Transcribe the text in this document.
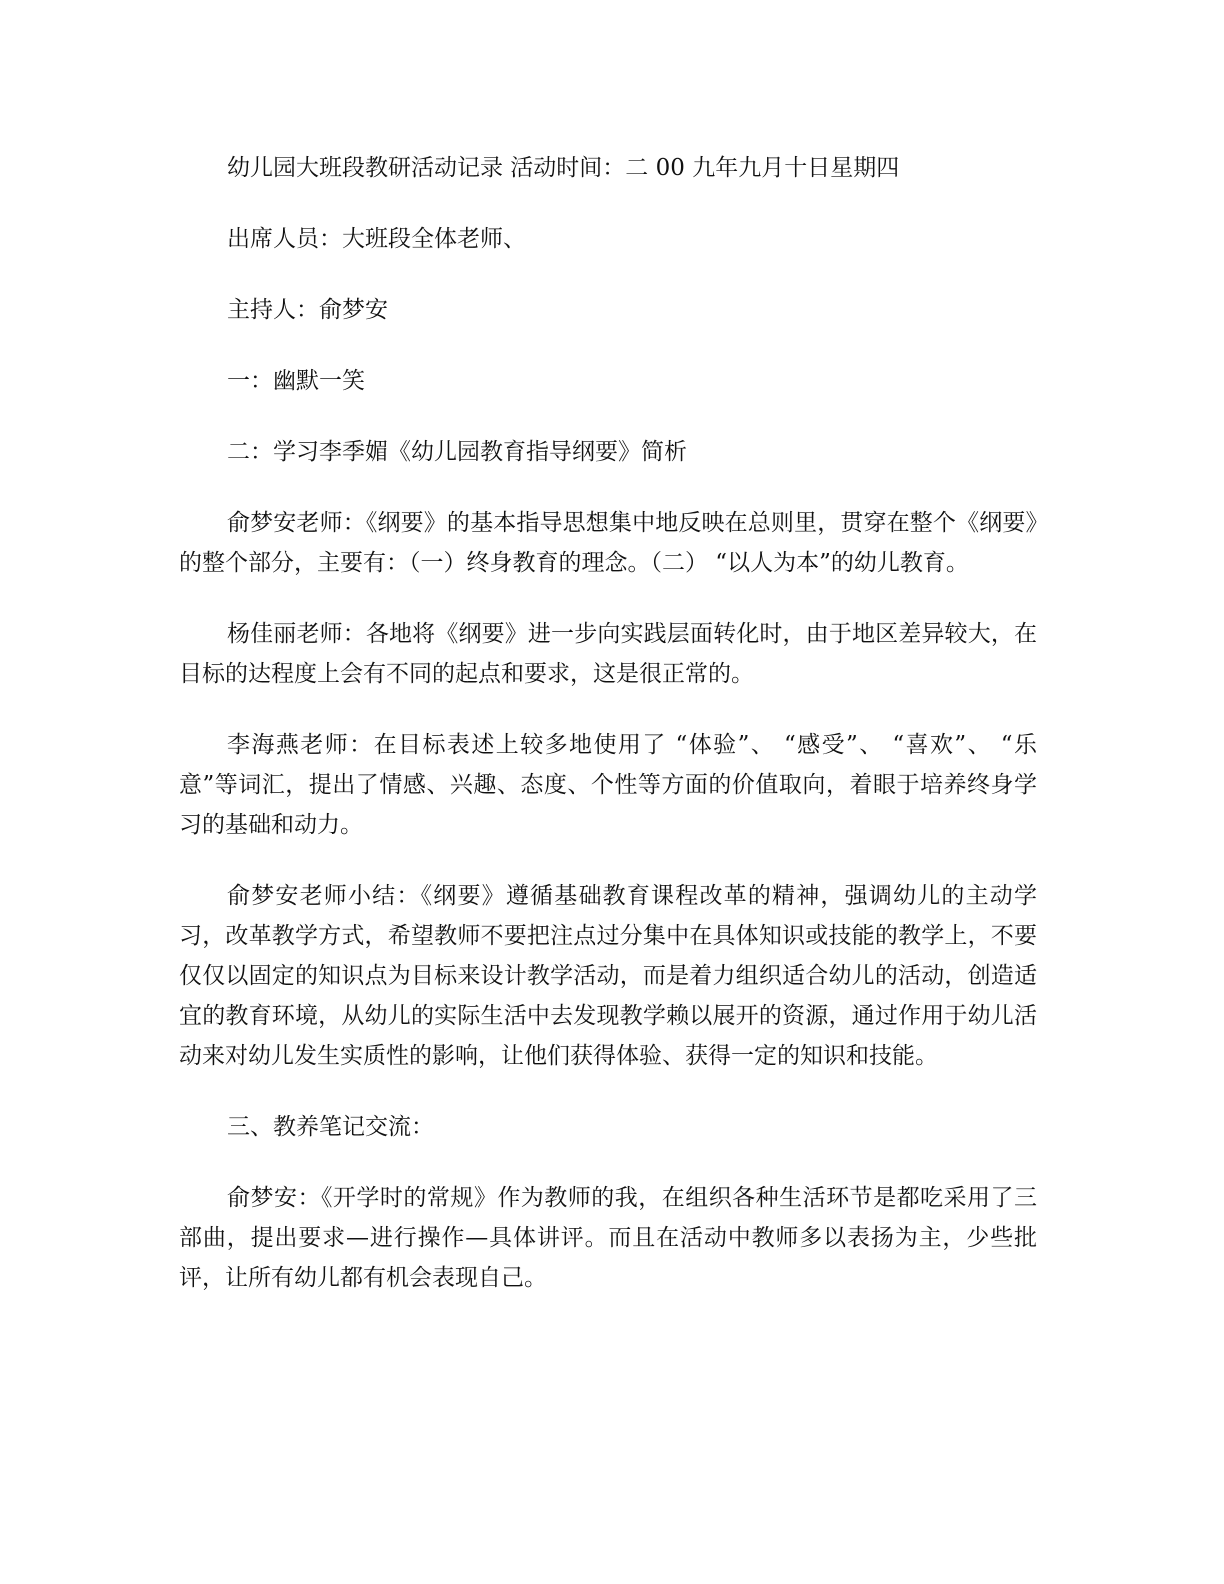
幼儿园大班段教研活动记录 活动时间：二 00 九年九月十日星期四

出席人员：大班段全体老师、

主持人：俞梦安

一：幽默一笑

二：学习李季媚《幼儿园教育指导纲要》简析

俞梦安老师：《纲要》的基本指导思想集中地反映在总则里，贯穿在整个《纲要》的整个部分，主要有：（一）终身教育的理念。（二） “以人为本”的幼儿教育。

杨佳丽老师：各地将《纲要》进一步向实践层面转化时，由于地区差异较大，在目标的达程度上会有不同的起点和要求，这是很正常的。

李海燕老师：在目标表述上较多地使用了 “体验”、 “感受”、 “喜欢”、 “乐意”等词汇，提出了情感、兴趣、态度、个性等方面的价值取向，着眼于培养终身学习的基础和动力。

俞梦安老师小结：《纲要》遵循基础教育课程改革的精神，强调幼儿的主动学习，改革教学方式，希望教师不要把注点过分集中在具体知识或技能的教学上，不要仅仅以固定的知识点为目标来设计教学活动，而是着力组织适合幼儿的活动，创造适宜的教育环境，从幼儿的实际生活中去发现教学赖以展开的资源，通过作用于幼儿活动来对幼儿发生实质性的影响，让他们获得体验、获得一定的知识和技能。

三、教养笔记交流：

俞梦安：《开学时的常规》作为教师的我，在组织各种生活环节是都吃采用了三部曲，提出要求—进行操作—具体讲评。而且在活动中教师多以表扬为主，少些批评，让所有幼儿都有机会表现自己。
